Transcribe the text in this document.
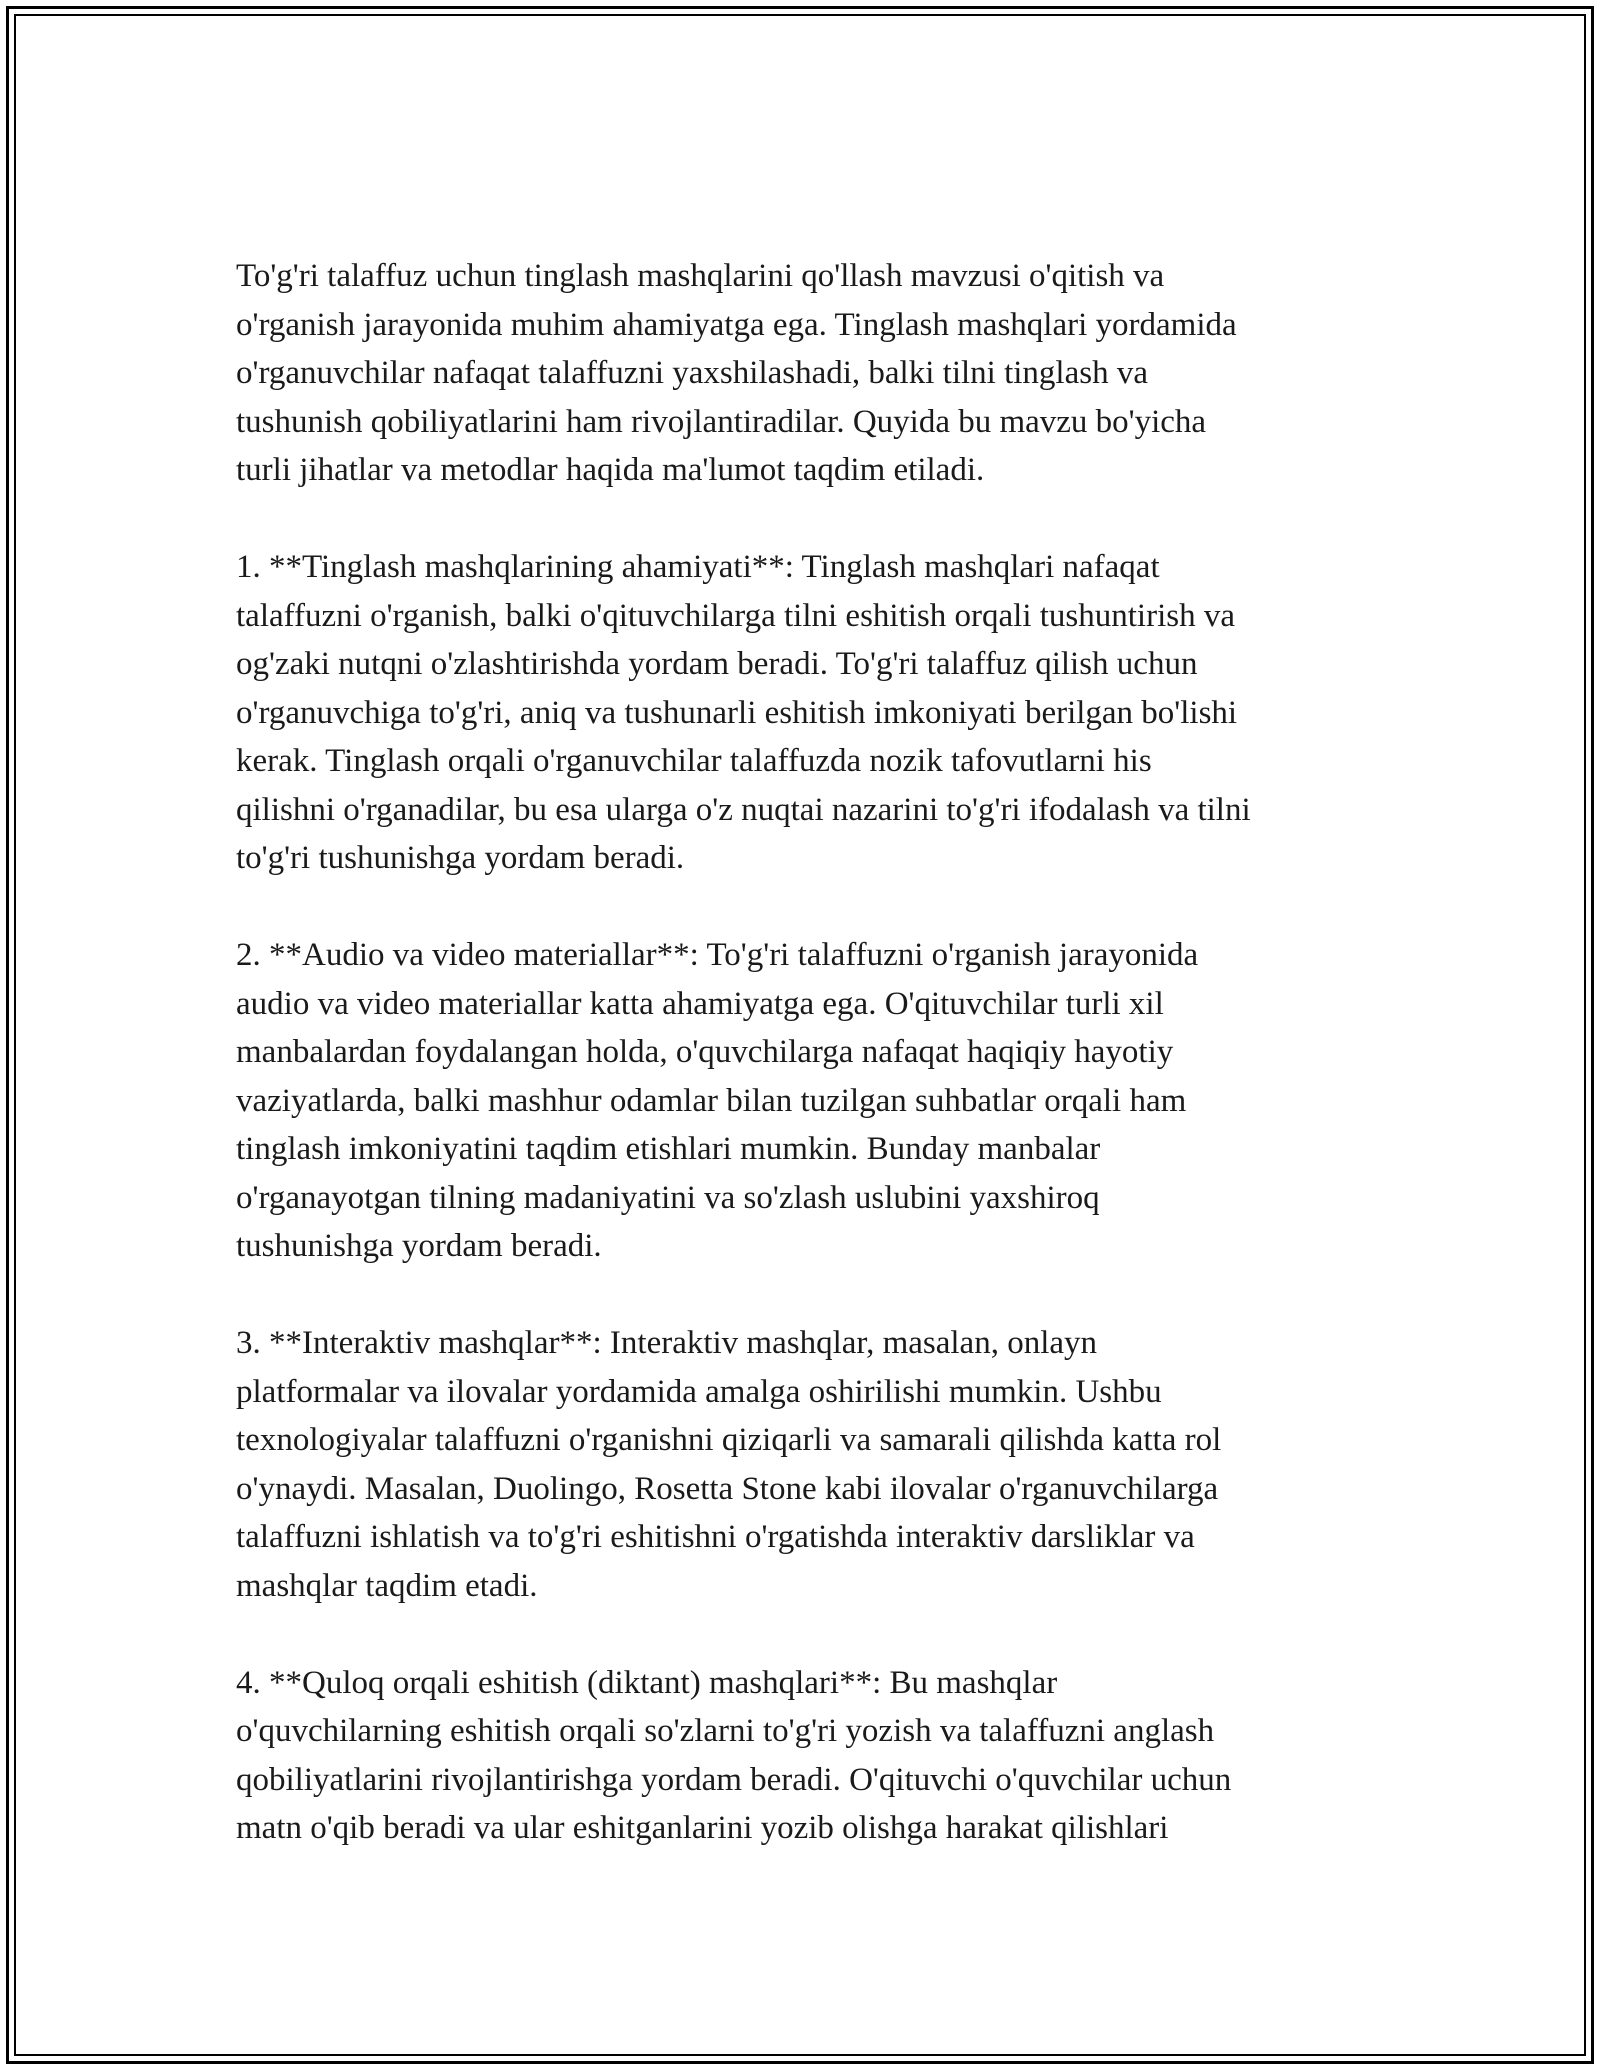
To'g'ri talaffuz uchun tinglash mashqlarini qo'llash mavzusi o'qitish va
o'rganish jarayonida muhim ahamiyatga ega. Tinglash mashqlari yordamida
o'rganuvchilar nafaqat talaffuzni yaxshilashadi, balki tilni tinglash va
tushunish qobiliyatlarini ham rivojlantiradilar. Quyida bu mavzu bo'yicha
turli jihatlar va metodlar haqida ma'lumot taqdim etiladi.

1. **Tinglash mashqlarining ahamiyati**: Tinglash mashqlari nafaqat
talaffuzni o'rganish, balki o'qituvchilarga tilni eshitish orqali tushuntirish va
og'zaki nutqni o'zlashtirishda yordam beradi. To'g'ri talaffuz qilish uchun
o'rganuvchiga to'g'ri, aniq va tushunarli eshitish imkoniyati berilgan bo'lishi
kerak. Tinglash orqali o'rganuvchilar talaffuzda nozik tafovutlarni his
qilishni o'rganadilar, bu esa ularga o'z nuqtai nazarini to'g'ri ifodalash va tilni
to'g'ri tushunishga yordam beradi.

2. **Audio va video materiallar**: To'g'ri talaffuzni o'rganish jarayonida
audio va video materiallar katta ahamiyatga ega. O'qituvchilar turli xil
manbalardan foydalangan holda, o'quvchilarga nafaqat haqiqiy hayotiy
vaziyatlarda, balki mashhur odamlar bilan tuzilgan suhbatlar orqali ham
tinglash imkoniyatini taqdim etishlari mumkin. Bunday manbalar
o'rganayotgan tilning madaniyatini va so'zlash uslubini yaxshiroq
tushunishga yordam beradi.

3. **Interaktiv mashqlar**: Interaktiv mashqlar, masalan, onlayn
platformalar va ilovalar yordamida amalga oshirilishi mumkin. Ushbu
texnologiyalar talaffuzni o'rganishni qiziqarli va samarali qilishda katta rol
o'ynaydi. Masalan, Duolingo, Rosetta Stone kabi ilovalar o'rganuvchilarga
talaffuzni ishlatish va to'g'ri eshitishni o'rgatishda interaktiv darsliklar va
mashqlar taqdim etadi.

4. **Quloq orqali eshitish (diktant) mashqlari**: Bu mashqlar
o'quvchilarning eshitish orqali so'zlarni to'g'ri yozish va talaffuzni anglash
qobiliyatlarini rivojlantirishga yordam beradi. O'qituvchi o'quvchilar uchun
matn o'qib beradi va ular eshitganlarini yozib olishga harakat qilishlari
